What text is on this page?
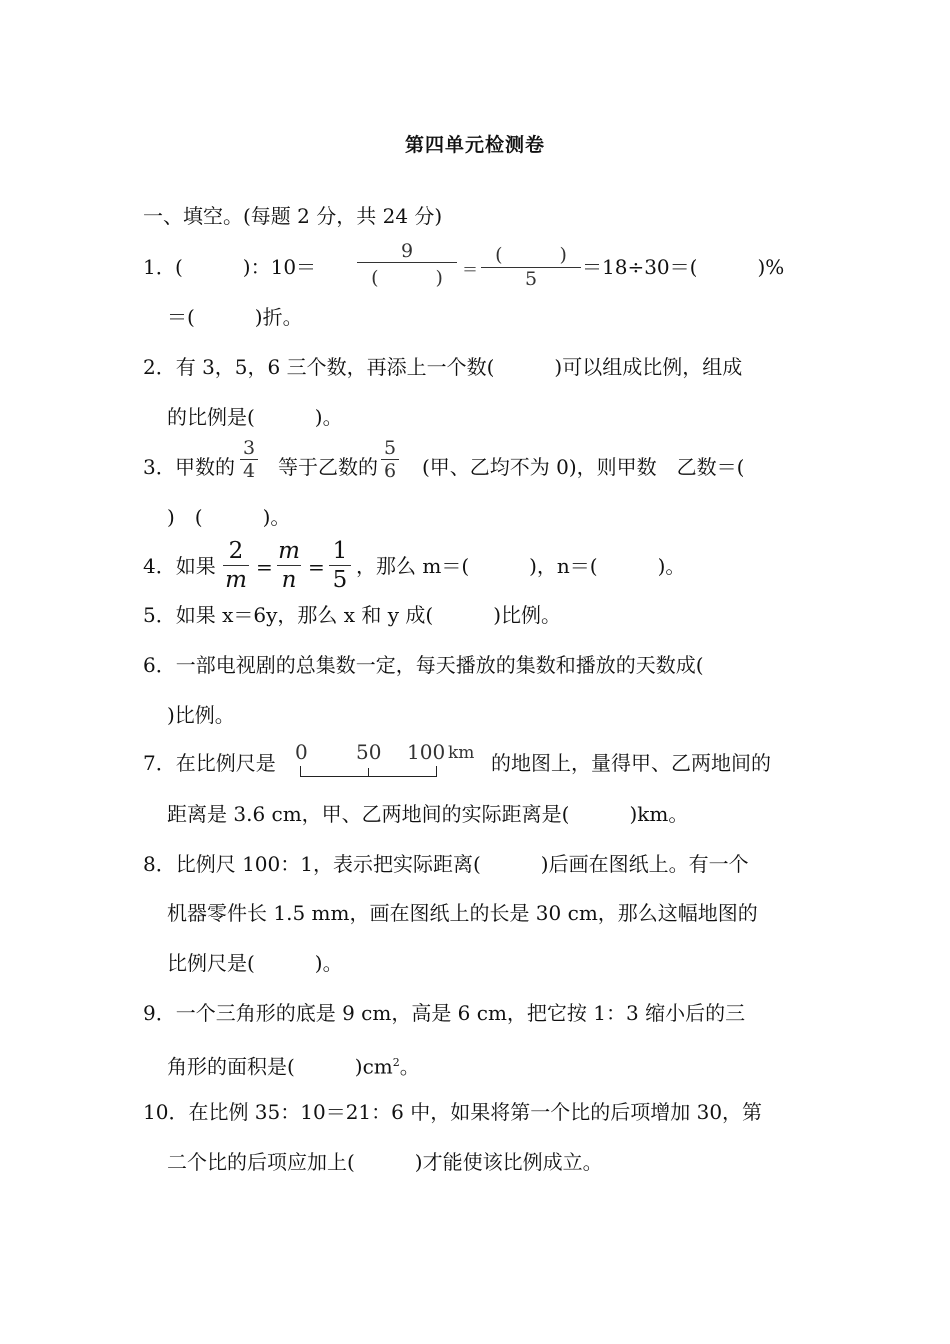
第四单元检测卷
一、填空。(每题 2 分，共 24 分)
1． (　　　)：10＝
9
(　　　)	＝
(　　　)
5	＝18÷30＝(　　　)%
＝(　　　)折。
2．有 3，5，6 三个数，再添上一个数(　　　)可以组成比例，组成
的比例是(　　　)。
3． 甲数的
3
4 等于乙数的
5
6 (甲、乙均不为 0)，则甲数　乙数＝(
)　(　　　)。
4．如果
2
m =
m
n =
1
5
，那么 m＝(　　　)，n＝(　　　)。
5．如果 x＝6y，那么 x 和 y 成(　　　)比例。
6．一部电视剧的总集数一定，每天播放的集数和播放的天数成(
)比例。
7．在比例尺是 0 50 100 km 的地图上，量得甲、乙两地间的
距离是 3.6 cm，甲、乙两地间的实际距离是(　　　)km。
8．比例尺 100：1，表示把实际距离(　　　)后画在图纸上。有一个
机器零件长 1.5 mm，画在图纸上的长是 30 cm，那么这幅地图的
比例尺是(　　　)。
9．一个三角形的底是 9 cm，高是 6 cm，把它按 1：3 缩小后的三
角形的面积是(　　　)$cm^2$。
10．在比例 35：10＝21：6 中，如果将第一个比的后项增加 30，第
二个比的后项应加上(　　　)才能使该比例成立。
